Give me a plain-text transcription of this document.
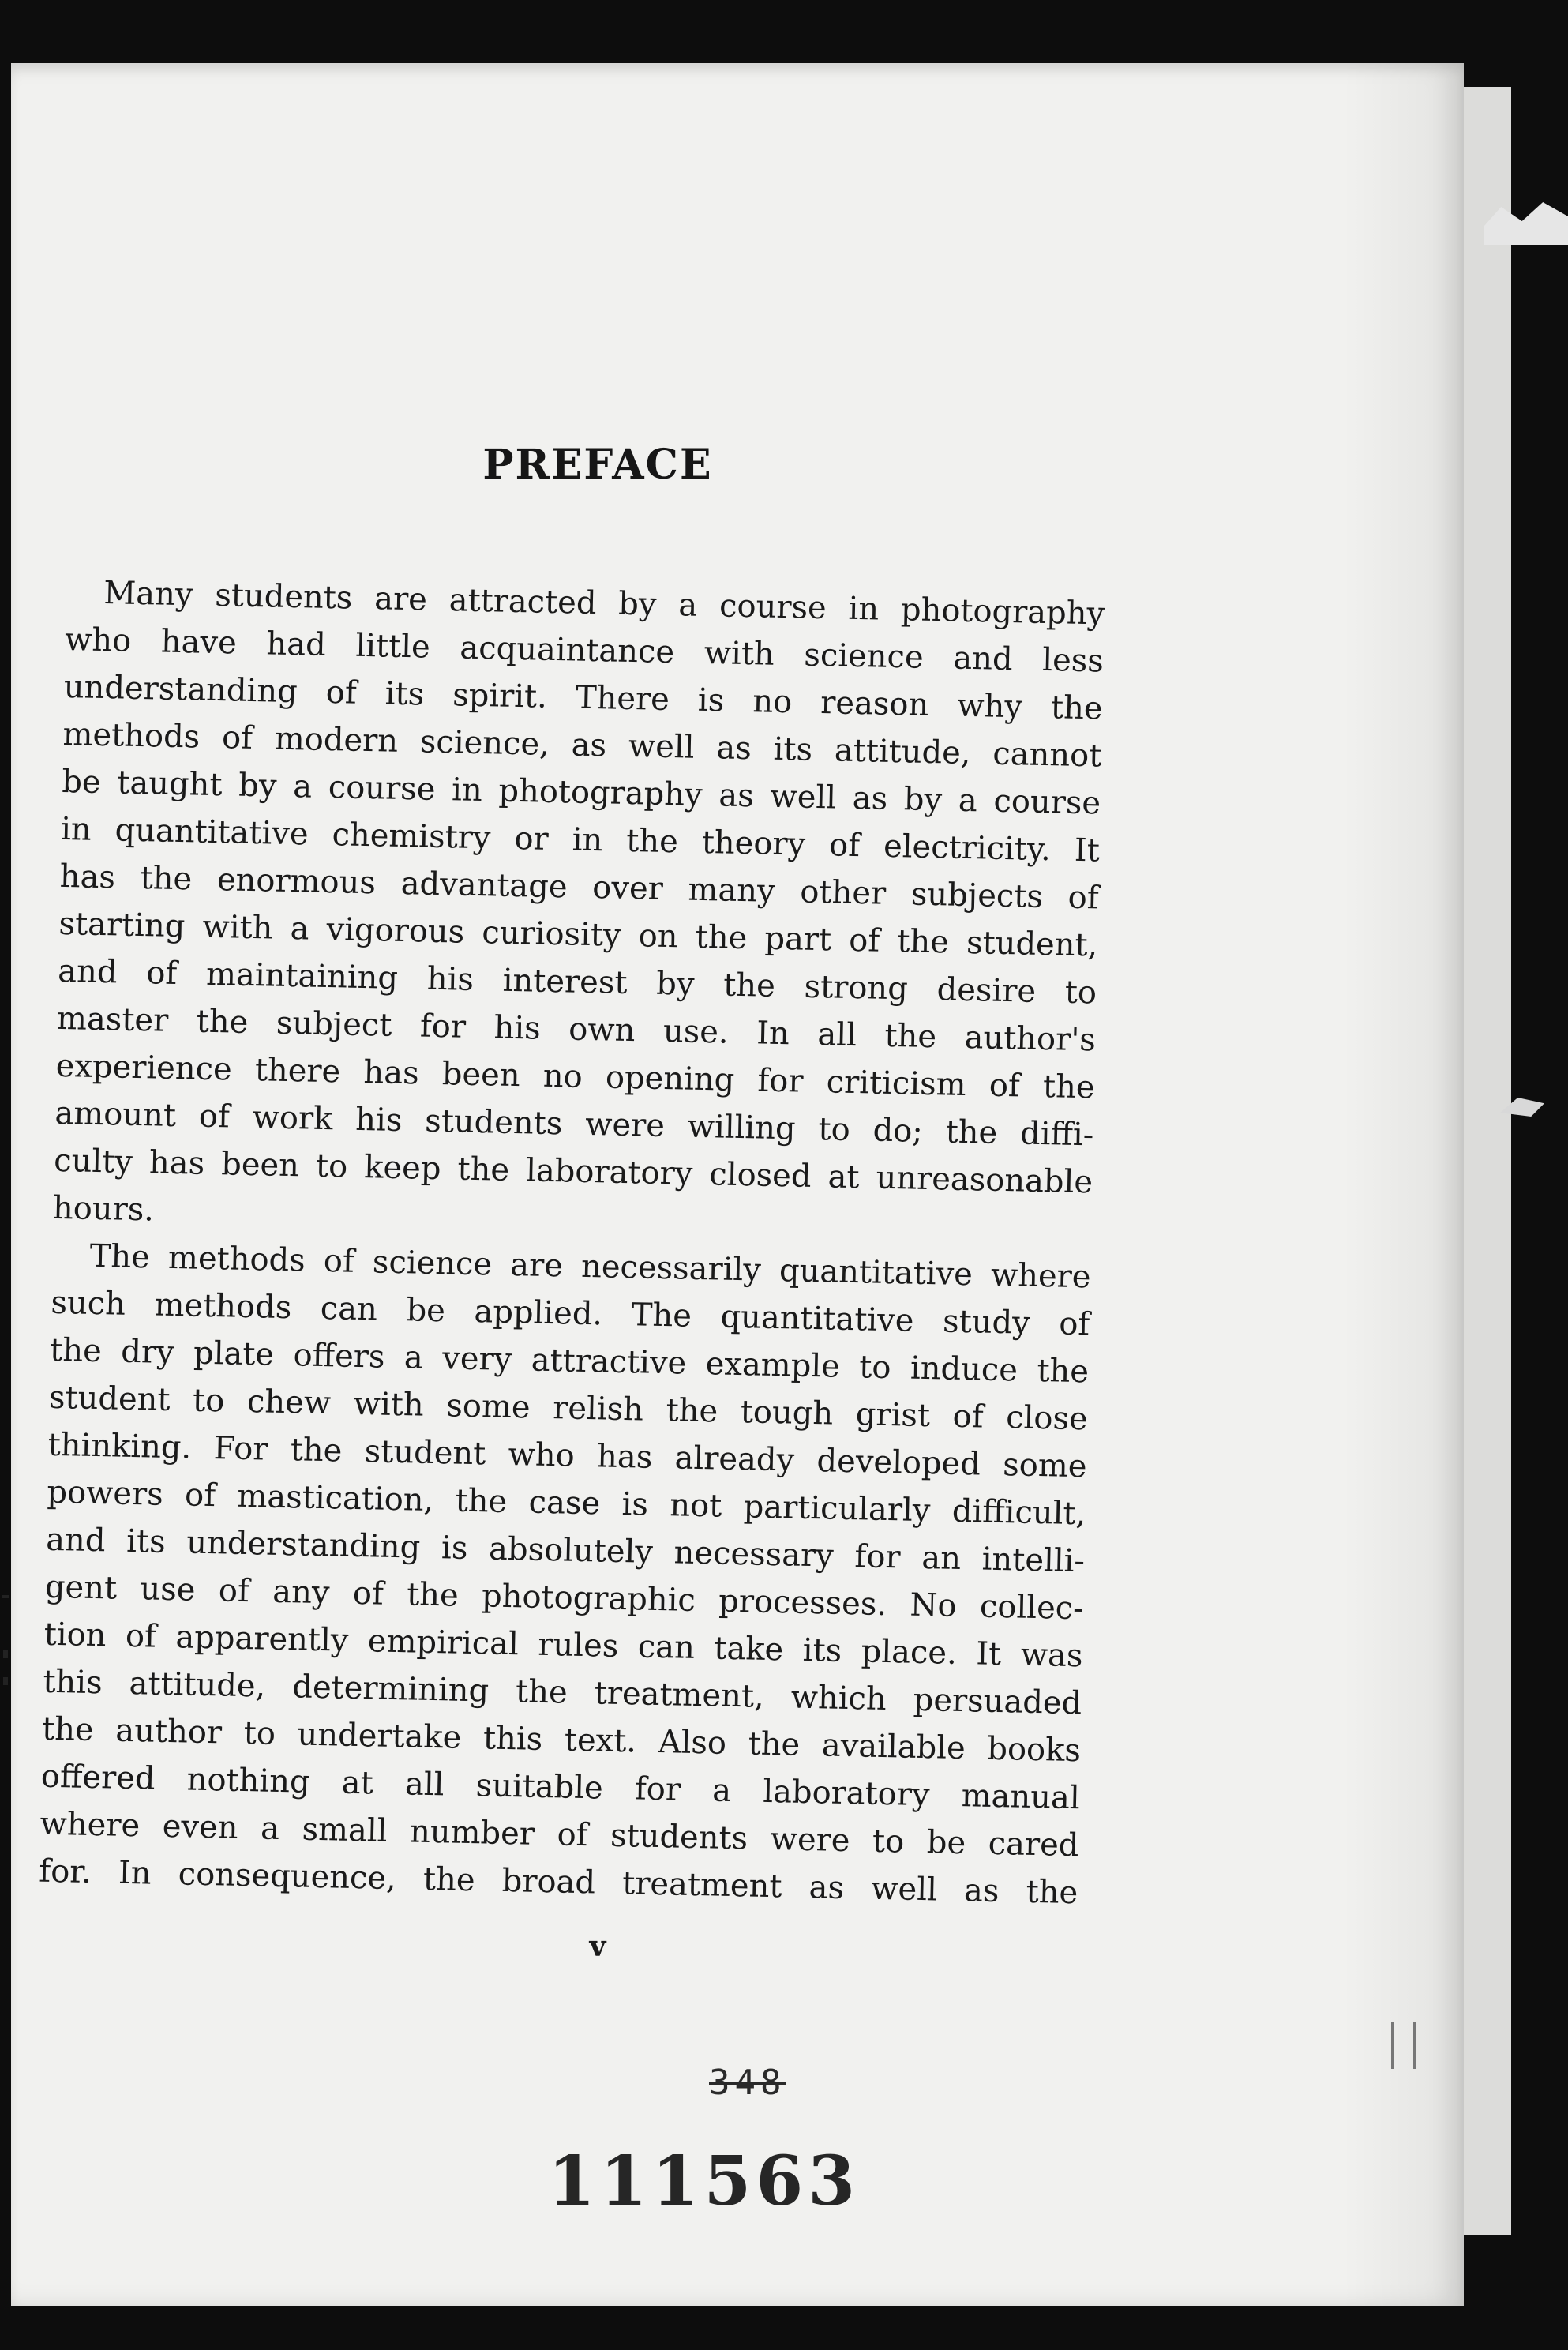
PREFACE
Many students are attracted by a course in photography
who have had little acquaintance with science and less
understanding of its spirit. There is no reason why the
methods of modern science, as well as its attitude, cannot
be taught by a course in photography as well as by a course
in quantitative chemistry or in the theory of electricity. It
has the enormous advantage over many other subjects of
starting with a vigorous curiosity on the part of the student,
and of maintaining his interest by the strong desire to
master the subject for his own use. In all the author's
experience there has been no opening for criticism of the
amount of work his students were willing to do; the diffi-
culty has been to keep the laboratory closed at unreasonable
hours.
The methods of science are necessarily quantitative where
such methods can be applied. The quantitative study of
the dry plate offers a very attractive example to induce the
student to chew with some relish the tough grist of close
thinking. For the student who has already developed some
powers of mastication, the case is not particularly difficult,
and its understanding is absolutely necessary for an intelli-
gent use of any of the photographic processes. No collec-
tion of apparently empirical rules can take its place. It was
this attitude, determining the treatment, which persuaded
the author to undertake this text. Also the available books
offered nothing at all suitable for a laboratory manual
where even a small number of students were to be cared
for. In consequence, the broad treatment as well as the
v
348
111563
